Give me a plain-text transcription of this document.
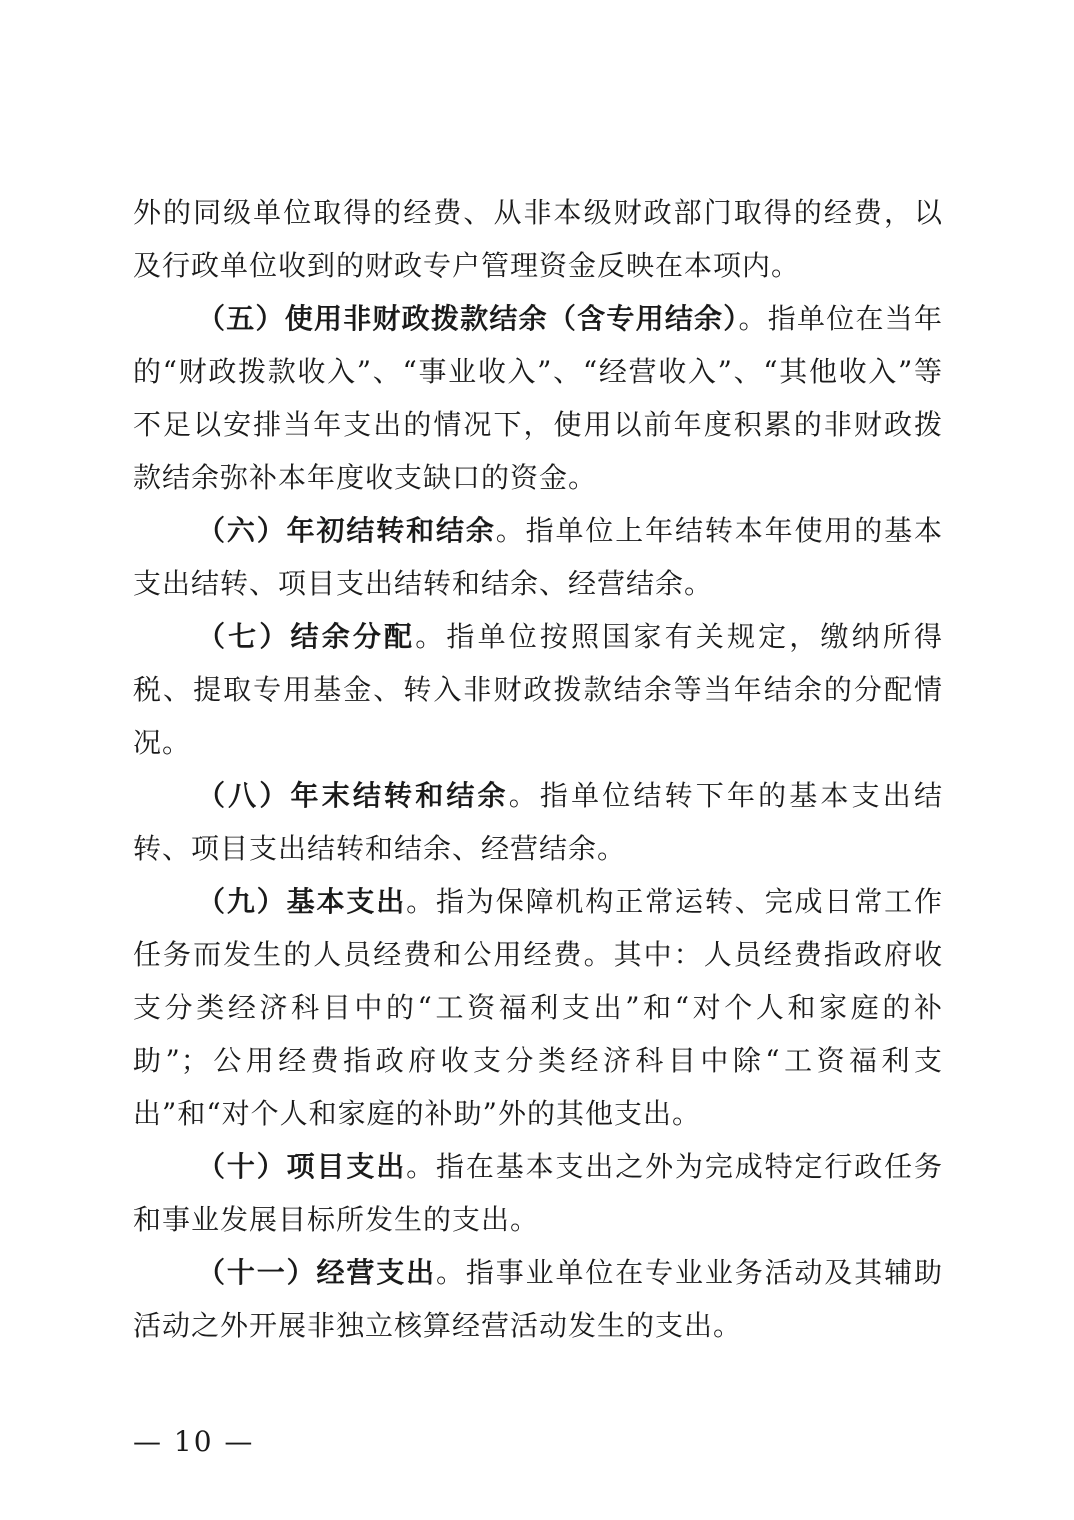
外的同级单位取得的经费、从非本级财政部门取得的经费，以及行政单位收到的财政专户管理资金反映在本项内。

（五）使用非财政拨款结余（含专用结余）。指单位在当年的“财政拨款收入”、“事业收入”、“经营收入”、“其他收入”等不足以安排当年支出的情况下，使用以前年度积累的非财政拨款结余弥补本年度收支缺口的资金。

（六）年初结转和结余。指单位上年结转本年使用的基本支出结转、项目支出结转和结余、经营结余。

（七）结余分配。指单位按照国家有关规定，缴纳所得税、提取专用基金、转入非财政拨款结余等当年结余的分配情况。

（八）年末结转和结余。指单位结转下年的基本支出结转、项目支出结转和结余、经营结余。

（九）基本支出。指为保障机构正常运转、完成日常工作任务而发生的人员经费和公用经费。其中：人员经费指政府收支分类经济科目中的“工资福利支出”和“对个人和家庭的补助”；公用经费指政府收支分类经济科目中除“工资福利支出”和“对个人和家庭的补助”外的其他支出。

（十）项目支出。指在基本支出之外为完成特定行政任务和事业发展目标所发生的支出。

（十一）经营支出。指事业单位在专业业务活动及其辅助活动之外开展非独立核算经营活动发生的支出。

— 10 —
